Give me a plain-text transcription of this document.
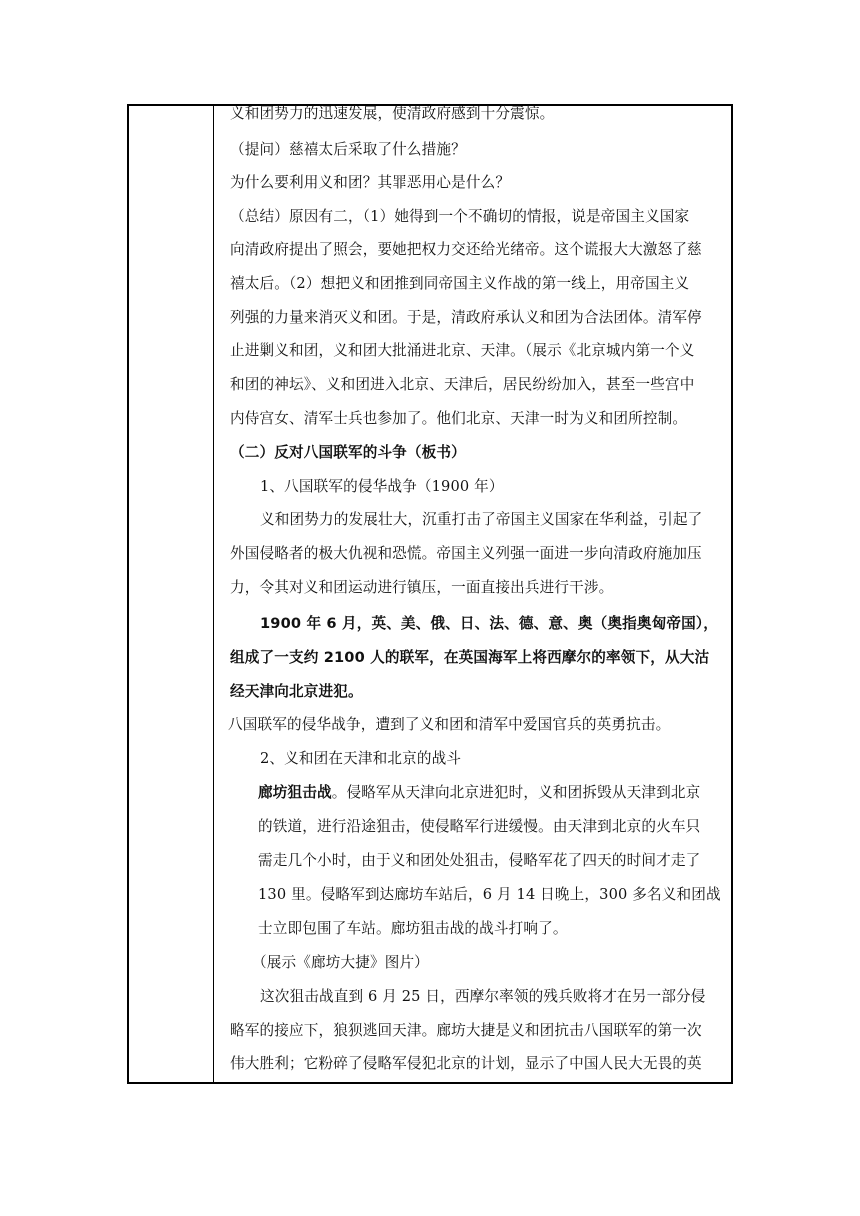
义和团势力的迅速发展，使清政府感到十分震惊。
（提问）慈禧太后采取了什么措施？
为什么要利用义和团？其罪恶用心是什么？
（总结）原因有二，（1）她得到一个不确切的情报，说是帝国主义国家
向清政府提出了照会，要她把权力交还给光绪帝。这个谎报大大激怒了慈
禧太后。（2）想把义和团推到同帝国主义作战的第一线上，用帝国主义
列强的力量来消灭义和团。于是，清政府承认义和团为合法团体。清军停
止进剿义和团，义和团大批涌进北京、天津。（展示《北京城内第一个义
和团的神坛》、义和团进入北京、天津后，居民纷纷加入，甚至一些宫中
内侍宫女、清军士兵也参加了。他们北京、天津一时为义和团所控制。
（二）反对八国联军的斗争（板书）
1、八国联军的侵华战争（1900 年）
义和团势力的发展壮大，沉重打击了帝国主义国家在华利益，引起了
外国侵略者的极大仇视和恐慌。帝国主义列强一面进一步向清政府施加压
力，令其对义和团运动进行镇压，一面直接出兵进行干涉。
1900 年 6 月，英、美、俄、日、法、德、意、奥（奥指奥匈帝国），
组成了一支约 2100 人的联军，在英国海军上将西摩尔的率领下，从大沽
经天津向北京进犯。
八国联军的侵华战争，遭到了义和团和清军中爱国官兵的英勇抗击。
2、义和团在天津和北京的战斗
廊坊狙击战。侵略军从天津向北京进犯时，义和团拆毁从天津到北京
的铁道，进行沿途狙击，使侵略军行进缓慢。由天津到北京的火车只
需走几个小时，由于义和团处处狙击，侵略军花了四天的时间才走了
130 里。侵略军到达廊坊车站后，6 月 14 日晚上，300 多名义和团战
士立即包围了车站。廊坊狙击战的战斗打响了。
（展示《廊坊大捷》图片）
这次狙击战直到 6 月 25 日，西摩尔率领的残兵败将才在另一部分侵
略军的接应下，狼狈逃回天津。廊坊大捷是义和团抗击八国联军的第一次
伟大胜利；它粉碎了侵略军侵犯北京的计划，显示了中国人民大无畏的英
